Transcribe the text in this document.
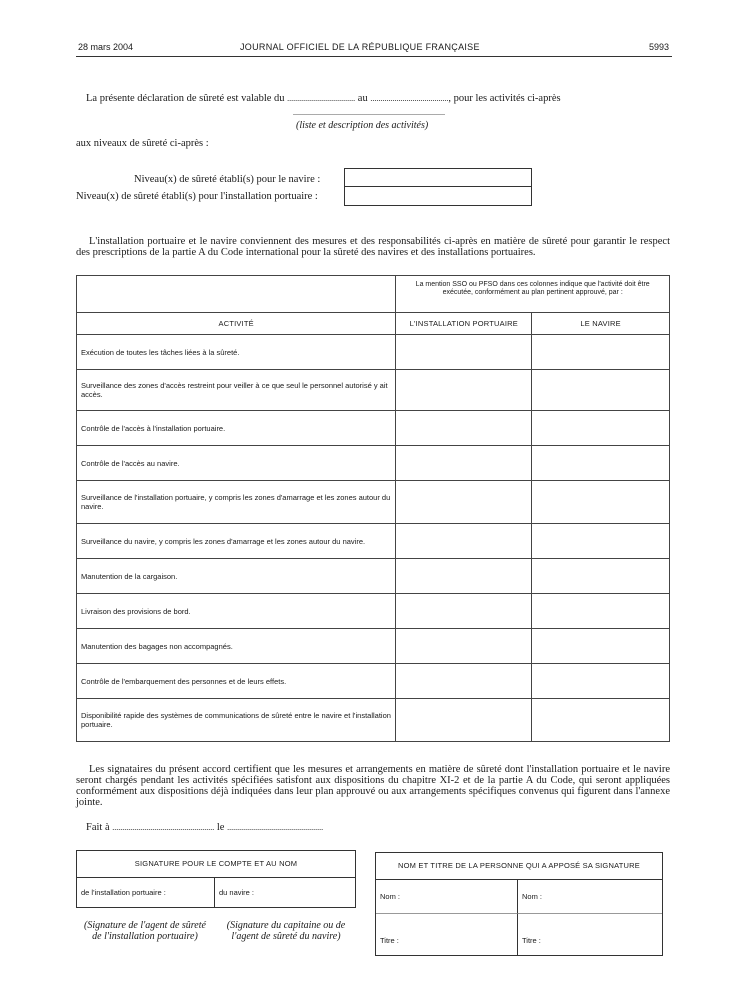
28 mars 2004	JOURNAL OFFICIEL DE LA RÉPUBLIQUE FRANÇAISE	5993
La présente déclaration de sûreté est valable du .................................. au ......................................., pour les activités ci-après
............................................................................
(liste et description des activités)
aux niveaux de sûreté ci-après :
Niveau(x) de sûreté établi(s) pour le navire :
Niveau(x) de sûreté établi(s) pour l'installation portuaire :
L'installation portuaire et le navire conviennent des mesures et des responsabilités ci-après en matière de sûreté pour garantir le respect des prescriptions de la partie A du Code international pour la sûreté des navires et des installations portuaires.
	La mention SSO ou PFSO dans ces colonnes indique que l'activité doit être exécutée, conformément au plan pertinent approuvé, par :	
ACTIVITÉ	L'INSTALLATION PORTUAIRE	LE NAVIRE
Exécution de toutes les tâches liées à la sûreté.		
Surveillance des zones d'accès restreint pour veiller à ce que seul le personnel autorisé y ait accès.		
Contrôle de l'accès à l'installation portuaire.		
Contrôle de l'accès au navire.		
Surveillance de l'installation portuaire, y compris les zones d'amarrage et les zones autour du navire.		
Surveillance du navire, y compris les zones d'amarrage et les zones autour du navire.		
Manutention de la cargaison.		
Livraison des provisions de bord.		
Manutention des bagages non accompagnés.		
Contrôle de l'embarquement des personnes et de leurs effets.		
Disponibilité rapide des systèmes de communications de sûreté entre le navire et l'installation portuaire.		
Les signataires du présent accord certifient que les mesures et arrangements en matière de sûreté dont l'installation portuaire et le navire seront chargés pendant les activités spécifiées satisfont aux dispositions du chapitre XI-2 et de la partie A du Code, qui seront appliquées conformément aux dispositions déjà indiquées dans leur plan approuvé ou aux arrangements spécifiques convenus qui figurent dans l'annexe jointe.
Fait à ................................................... le ................................................
SIGNATURE POUR LE COMPTE ET AU NOM
de l'installation portuaire :	du navire :
(Signature de l'agent de sûreté de l'installation portuaire)
(Signature du capitaine ou de l'agent de sûreté du navire)
NOM ET TITRE DE LA PERSONNE QUI A APPOSÉ SA SIGNATURE
Nom :	Nom :
Titre :	Titre :
